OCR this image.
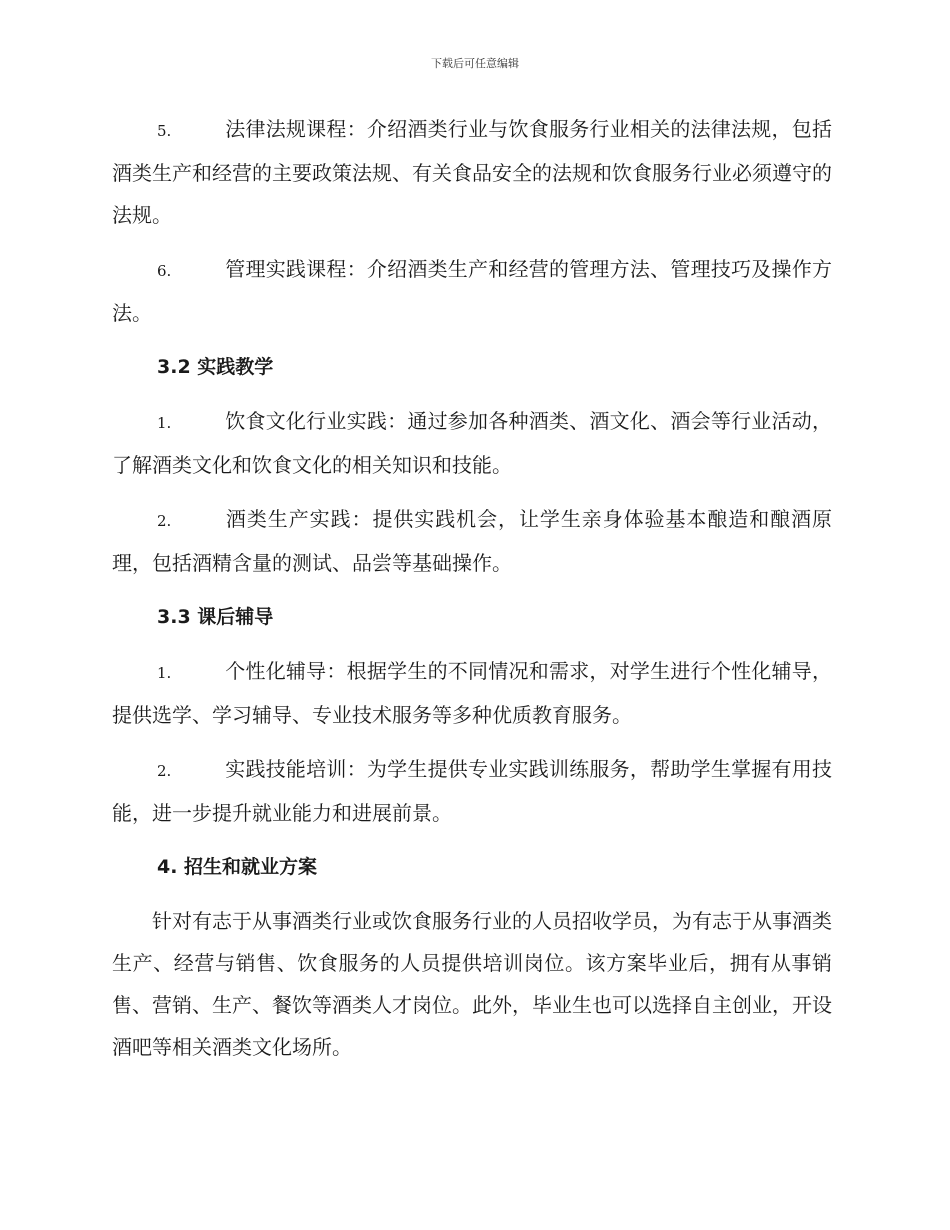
下载后可任意编辑

5.	法律法规课程：介绍酒类行业与饮食服务行业相关的法律法规，包括酒类生产和经营的主要政策法规、有关食品安全的法规和饮食服务行业必须遵守的法规。

6.	管理实践课程：介绍酒类生产和经营的管理方法、管理技巧及操作方法。

3.2 实践教学

1.	饮食文化行业实践：通过参加各种酒类、酒文化、酒会等行业活动，了解酒类文化和饮食文化的相关知识和技能。

2.	酒类生产实践：提供实践机会，让学生亲身体验基本酿造和酿酒原理，包括酒精含量的测试、品尝等基础操作。

3.3 课后辅导

1.	个性化辅导：根据学生的不同情况和需求，对学生进行个性化辅导，提供选学、学习辅导、专业技术服务等多种优质教育服务。

2.	实践技能培训：为学生提供专业实践训练服务，帮助学生掌握有用技能，进一步提升就业能力和进展前景。

4. 招生和就业方案

针对有志于从事酒类行业或饮食服务行业的人员招收学员，为有志于从事酒类生产、经营与销售、饮食服务的人员提供培训岗位。该方案毕业后，拥有从事销售、营销、生产、餐饮等酒类人才岗位。此外，毕业生也可以选择自主创业，开设酒吧等相关酒类文化场所。
